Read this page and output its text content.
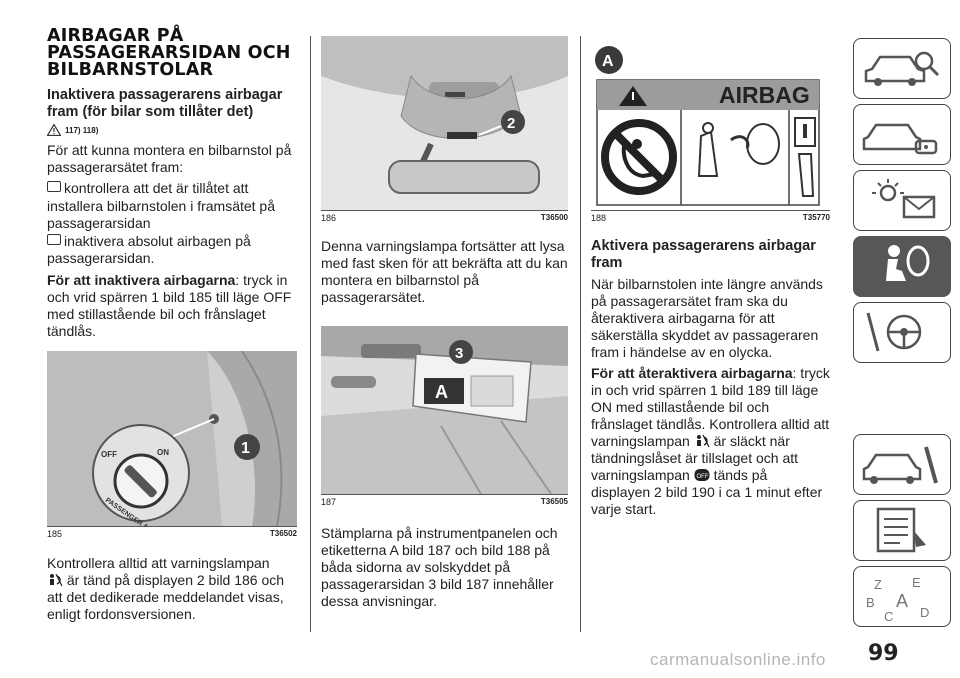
AIRBAGAR PÅ PASSAGERARSIDAN OCH BILBARNSTOLAR
Inaktivera passagerarens airbagar fram (för bilar som tillåter det)
117) 118)

För att kunna montera en bilbarnstol på passagerarsätet fram:

kontrollera att det är tillåtet att installera bilbarnstolen i framsätet på passagerarsidan
inaktivera absolut airbagen på passagerarsidan.

För att inaktivera airbagarna: tryck in och vrid spärren 1 bild 185 till läge OFF med stillastående bil och frånslaget tändlås.

OFF	ON	1
185	T36502

Kontrollera alltid att varningslampan
är tänd på displayen 2 bild 186 och att det dedikerade meddelandet visas, enligt fordonsversionen.

2
186	T36500

Denna varningslampa fortsätter att lysa med fast sken för att bekräfta att du kan montera en bilbarnstol på passagerarsätet.

A
3
187	T36505

Stämplarna på instrumentpanelen och etiketterna A bild 187 och bild 188 på båda sidorna av solskyddet på passagerarsidan 3 bild 187 innehåller dessa anvisningar.

A
AIRBAG
188	T35770
Aktivera passagerarens airbagar fram

När bilbarnstolen inte längre används på passagerarsätet fram ska du återaktivera airbagarna för att säkerställa skyddet av passageraren fram i händelse av en olycka.

För att återaktivera airbagarna: tryck in och vrid spärren 1 bild 189 till läge ON med stillastående bil och frånslaget tändlås. Kontrollera alltid att varningslampan är släckt när tändningslåset är tillslaget och att varningslampan OFF tänds på displayen 2 bild 190 i ca 1 minut efter varje start.

Z E
B A
C D
99
carmanualsonline.info
